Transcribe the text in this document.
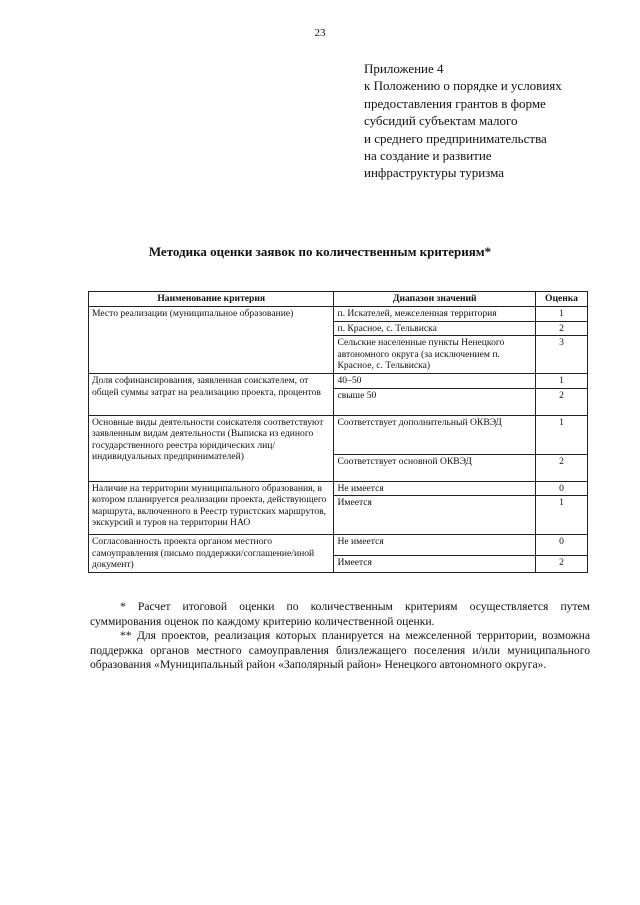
23
Приложение 4
к Положению о порядке и условиях
предоставления грантов в форме
субсидий субъектам малого
и среднего предпринимательства
на создание и развитие
инфраструктуры туризма
Методика оценки заявок по количественным критериям*
Наименование критерия	Диапазон значений	Оценка
Место реализации (муниципальное образование)	п. Искателей, межселенная территория	1
	п. Красное, с. Тельвиска	2
	Сельские населенные пункты Ненецкого автономного округа (за исключением п. Красное, с. Тельвиска)	3
Доля софинансирования, заявленная соискателем, от общей суммы затрат на реализацию проекта, процентов	40–50	1
	свыше 50	2
Основные виды деятельности соискателя соответствуют заявленным видам деятельности (Выписка из единого государственного реестра юридических лиц/индивидуальных предпринимателей)	Соответствует дополнительный ОКВЭД	1
	Соответствует основной ОКВЭД	2
Наличие на территории муниципального образования, в котором планируется реализации проекта, действующего маршрута, включенного в Реестр туристских маршрутов, экскурсий и туров на территории НАО	Не имеется	0
	Имеется	1
Согласованность проекта органом местного самоуправления (письмо поддержки/соглашение/иной документ)	Не имеется	0
	Имеется	2

* Расчет итоговой оценки по количественным критериям осуществляется путем суммирования оценок по каждому критерию количественной оценки.

** Для проектов, реализация которых планируется на межселенной территории, возможна поддержка органов местного самоуправления близлежащего поселения и/или муниципального образования «Муниципальный район «Заполярный район» Ненецкого автономного округа».
